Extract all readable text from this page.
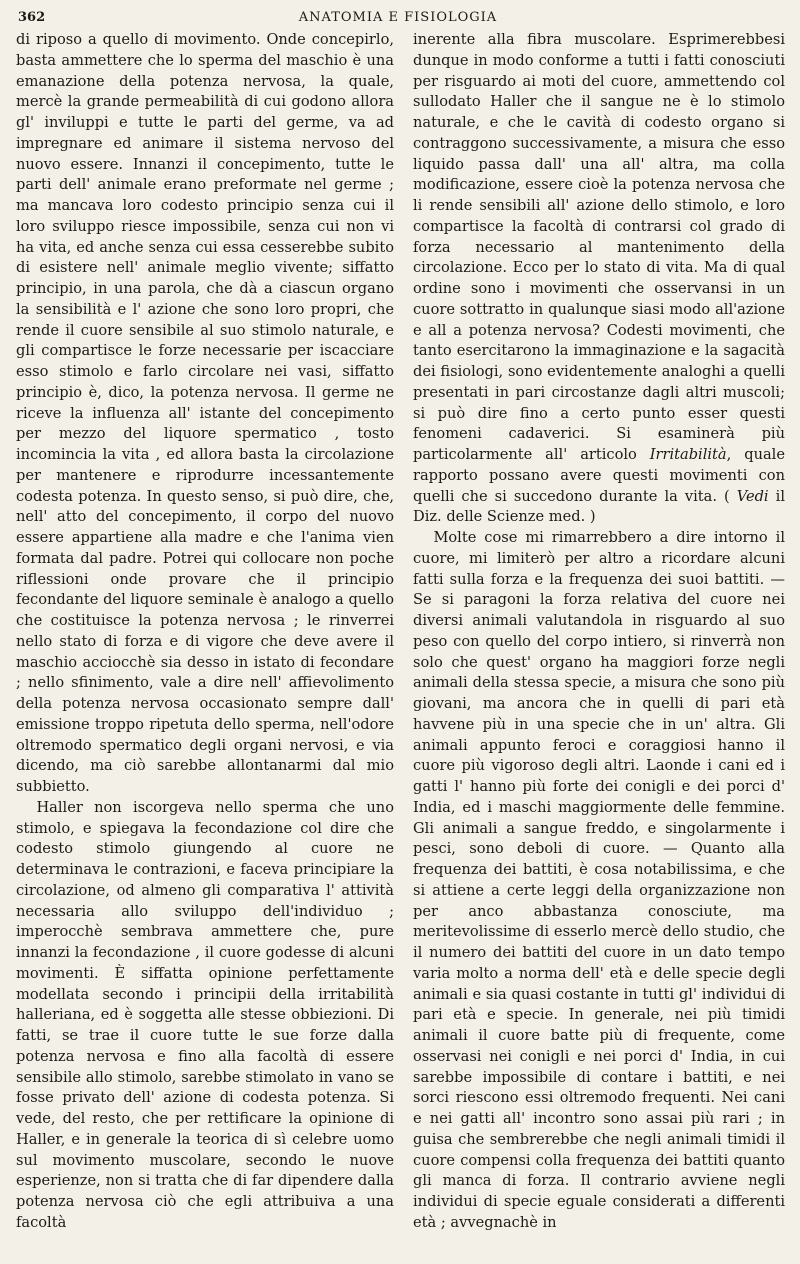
362	ANATOMIA E FISIOLOGIA

di riposo a quello di movimento. Onde concepirlo, basta ammettere che lo sperma del maschio è una emanazione della potenza nervosa, la quale, mercè la grande permeabilità di cui godono allora gl' inviluppi e tutte le parti del germe, va ad impregnare ed animare il sistema nervoso del nuovo essere. Innanzi il concepimento, tutte le parti dell' animale erano preformate nel germe ; ma mancava loro codesto principio senza cui il loro sviluppo riesce impossibile, senza cui non vi ha vita, ed anche senza cui essa cesserebbe subito di esistere nell' animale meglio vivente; siffatto principio, in una parola, che dà a ciascun organo la sensibilità e l' azione che sono loro propri, che rende il cuore sensibile al suo stimolo naturale, e gli compartisce le forze necessarie per iscacciare esso stimolo e farlo circolare nei vasi, siffatto principio è, dico, la potenza nervosa. Il germe ne riceve la influenza all' istante del concepimento per mezzo del liquore spermatico , tosto incomincia la vita , ed allora basta la circolazione per mantenere e riprodurre incessantemente codesta potenza. In questo senso, si può dire, che, nell' atto del concepimento, il corpo del nuovo essere appartiene alla madre e che l'anima vien formata dal padre. Potrei qui collocare non poche riflessioni onde provare che il principio fecondante del liquore seminale è analogo a quello che costituisce la potenza nervosa ; le rinverrei nello stato di forza e di vigore che deve avere il maschio acciocchè sia desso in istato di fecondare ; nello sfinimento, vale a dire nell' affievolimento della potenza nervosa occasionato sempre dall' emissione troppo ripetuta dello sperma, nell'odore oltremodo spermatico degli organi nervosi, e via dicendo, ma ciò sarebbe allontanarmi dal mio subbietto.

Haller non iscorgeva nello sperma che uno stimolo, e spiegava la fecondazione col dire che codesto stimolo giungendo al cuore ne determinava le contrazioni, e faceva principiare la circolazione, od almeno gli comparativa l' attività necessaria allo sviluppo dell'individuo ; imperocchè sembrava ammettere che, pure innanzi la fecondazione , il cuore godesse di alcuni movimenti. È siffatta opinione perfettamente modellata secondo i principii della irritabilità halleriana, ed è soggetta alle stesse obbiezioni. Di fatti, se trae il cuore tutte le sue forze dalla potenza nervosa e fino alla facoltà di essere sensibile allo stimolo, sarebbe stimolato in vano se fosse privato dell' azione di codesta potenza. Si vede, del resto, che per rettificare la opinione di Haller, e in generale la teorica di sì celebre uomo sul movimento muscolare, secondo le nuove esperienze, non si tratta che di far dipendere dalla potenza nervosa ciò che egli attribuiva a una facoltà

inerente alla fibra muscolare. Esprimerebbesi dunque in modo conforme a tutti i fatti conosciuti per risguardo ai moti del cuore, ammettendo col sullodato Haller che il sangue ne è lo stimolo naturale, e che le cavità di codesto organo si contraggono successivamente, a misura che esso liquido passa dall' una all' altra, ma colla modificazione, essere cioè la potenza nervosa che li rende sensibili all' azione dello stimolo, e loro compartisce la facoltà di contrarsi col grado di forza necessario al mantenimento della circolazione. Ecco per lo stato di vita. Ma di qual ordine sono i movimenti che osservansi in un cuore sottratto in qualunque siasi modo all'azione e all a potenza nervosa? Codesti movimenti, che tanto esercitarono la immaginazione e la sagacità dei fisiologi, sono evidentemente analoghi a quelli presentati in pari circostanze dagli altri muscoli; si può dire fino a certo punto esser questi fenomeni cadaverici. Si esaminerà più particolarmente all' articolo Irritabilità, quale rapporto possano avere questi movimenti con quelli che si succedono durante la vita. ( Vedi il Diz. delle Scienze med. )

Molte cose mi rimarrebbero a dire intorno il cuore, mi limiterò per altro a ricordare alcuni fatti sulla forza e la frequenza dei suoi battiti. — Se si paragoni la forza relativa del cuore nei diversi animali valutandola in risguardo al suo peso con quello del corpo intiero, si rinverrà non solo che quest' organo ha maggiori forze negli animali della stessa specie, a misura che sono più giovani, ma ancora che in quelli di pari età havvene più in una specie che in un' altra. Gli animali appunto feroci e coraggiosi hanno il cuore più vigoroso degli altri. Laonde i cani ed i gatti l' hanno più forte dei conigli e dei porci d' India, ed i maschi maggiormente delle femmine. Gli animali a sangue freddo, e singolarmente i pesci, sono deboli di cuore. — Quanto alla frequenza dei battiti, è cosa notabilissima, e che si attiene a certe leggi della organizzazione non per anco abbastanza conosciute, ma meritevolissime di esserlo mercè dello studio, che il numero dei battiti del cuore in un dato tempo varia molto a norma dell' età e delle specie degli animali e sia quasi costante in tutti gl' individui di pari età e specie. In generale, nei più timidi animali il cuore batte più di frequente, come osservasi nei conigli e nei porci d' India, in cui sarebbe impossibile di contare i battiti, e nei sorci riescono essi oltremodo frequenti. Nei cani e nei gatti all' incontro sono assai più rari ; in guisa che sembrerebbe che negli animali timidi il cuore compensi colla frequenza dei battiti quanto gli manca di forza. Il contrario avviene negli individui di specie eguale considerati a differenti età ; avvegnachè in
